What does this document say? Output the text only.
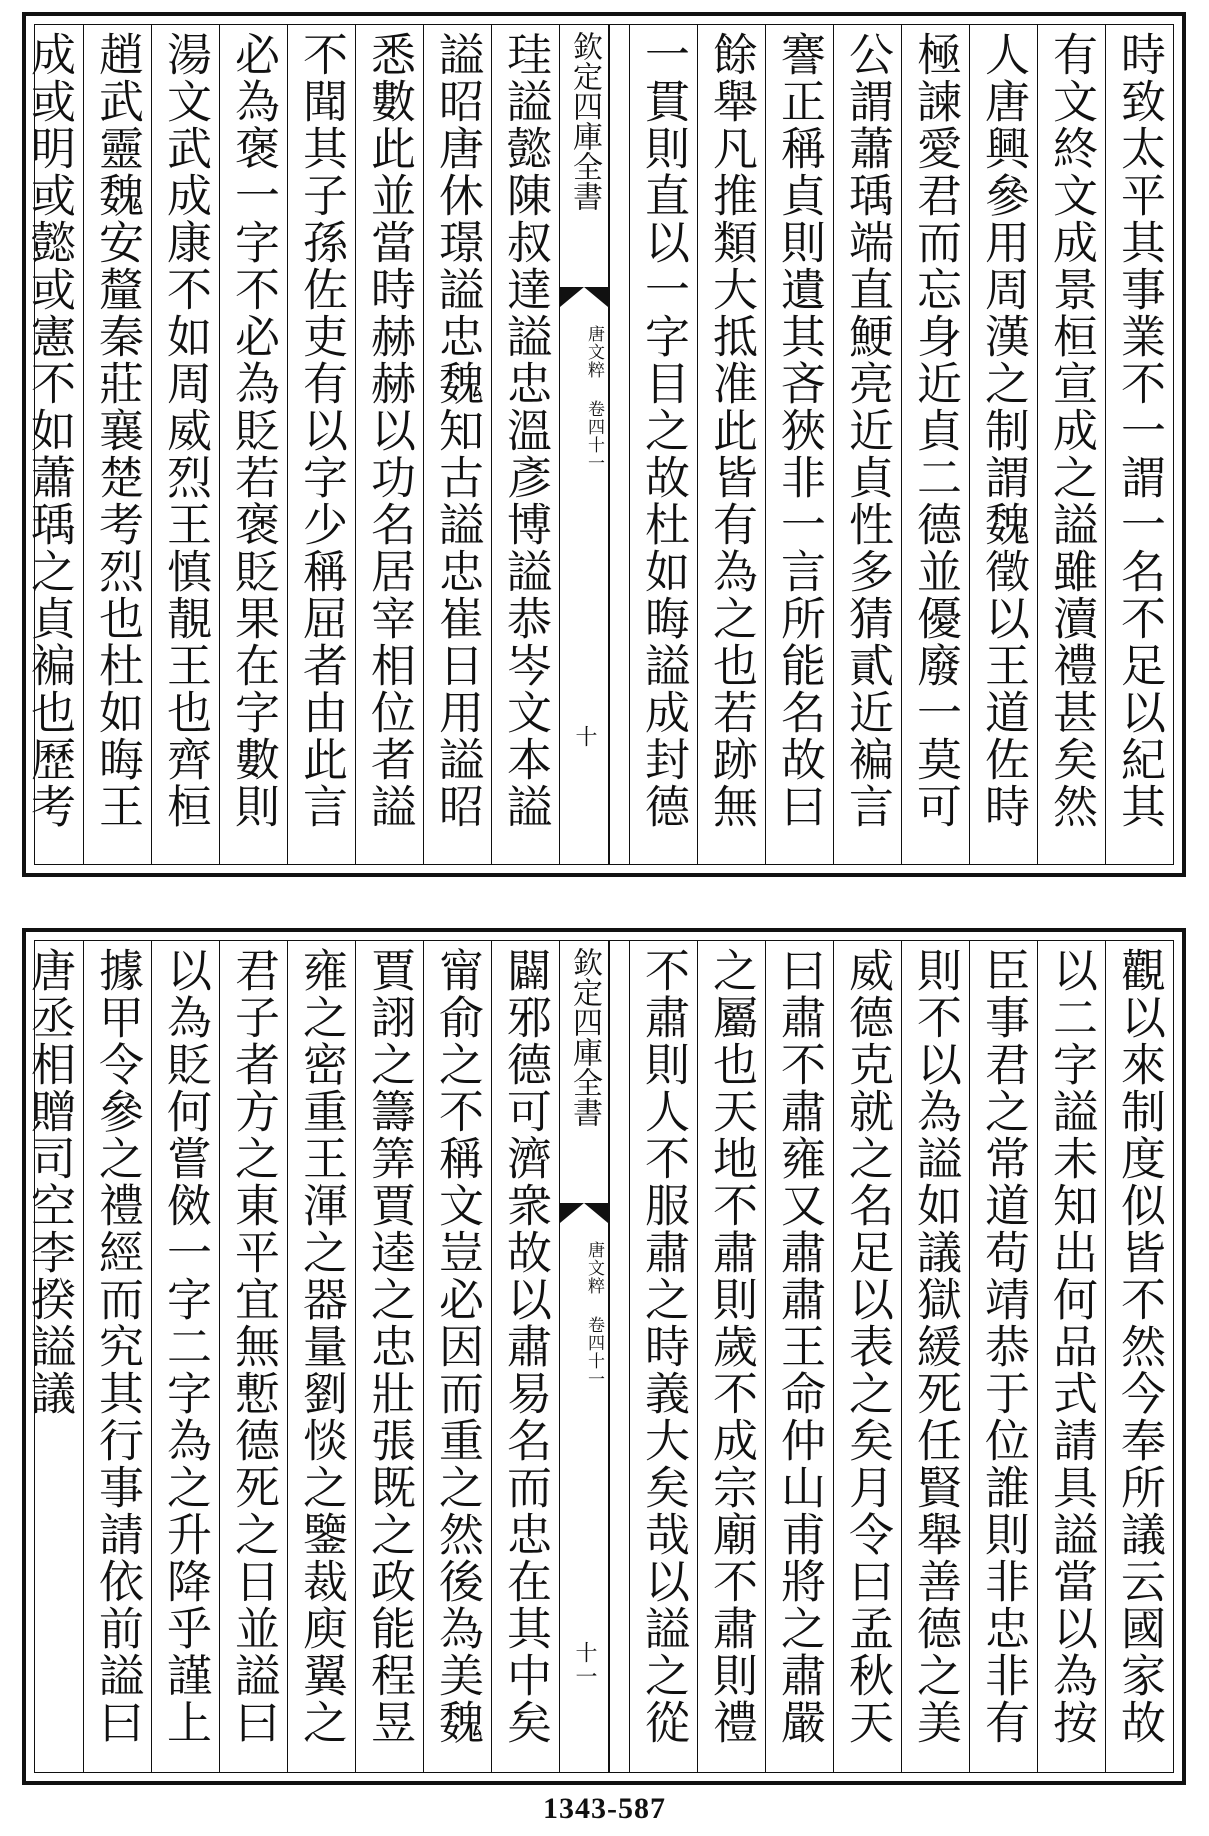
時致太平其事業不一謂一名不足以紀其
有文終文成景桓宣成之謚雖瀆禮甚矣然
人唐興參用周漢之制謂魏徵以王道佐時
極諫愛君而忘身近貞二德並優廢一莫可
公謂蕭瑀端直鯁亮近貞性多猜貳近褊言
謇正稱貞則遺其吝狹非一言所能名故曰
餘舉凡推類大抵准此皆有為之也若跡無
一貫則直以一字目之故杜如晦謚成封德
欽定四庫全書
唐文粹 卷四十一
十
珪謚懿陳叔達謚忠溫彥博謚恭岑文本謚
謚昭唐休璟謚忠魏知古謚忠崔日用謚昭
悉數此並當時赫赫以功名居宰相位者謚
不聞其子孫佐吏有以字少稱屈者由此言
必為褒一字不必為貶若褒貶果在字數則
湯文武成康不如周威烈王慎靚王也齊桓
趙武靈魏安釐秦莊襄楚考烈也杜如晦王
成或明或懿或憲不如蕭瑀之貞褊也歷考
觀以來制度似皆不然今奉所議云國家故
以二字謚未知出何品式請具謚當以為按
臣事君之常道苟靖恭于位誰則非忠非有
則不以為謚如議獄緩死任賢舉善德之美
威德克就之名足以表之矣月令曰孟秋天
曰肅不肅雍又肅肅王命仲山甫將之肅嚴
之屬也天地不肅則歲不成宗廟不肅則禮
不肅則人不服肅之時義大矣哉以謚之從
欽定四庫全書
唐文粹 卷四十一
十一
闢邪德可濟衆故以肅易名而忠在其中矣
甯俞之不稱文豈必因而重之然後為美魏
賈詡之籌筭賈逵之忠壯張既之政能程昱
雍之密重王渾之器量劉惔之鑒裁庾翼之
君子者方之東平宜無慙德死之日並謚曰
以為貶何嘗傚一字二字為之升降乎謹上
據甲令參之禮經而究其行事請依前謚曰
唐丞相贈司空李揆謚議
1343-587
